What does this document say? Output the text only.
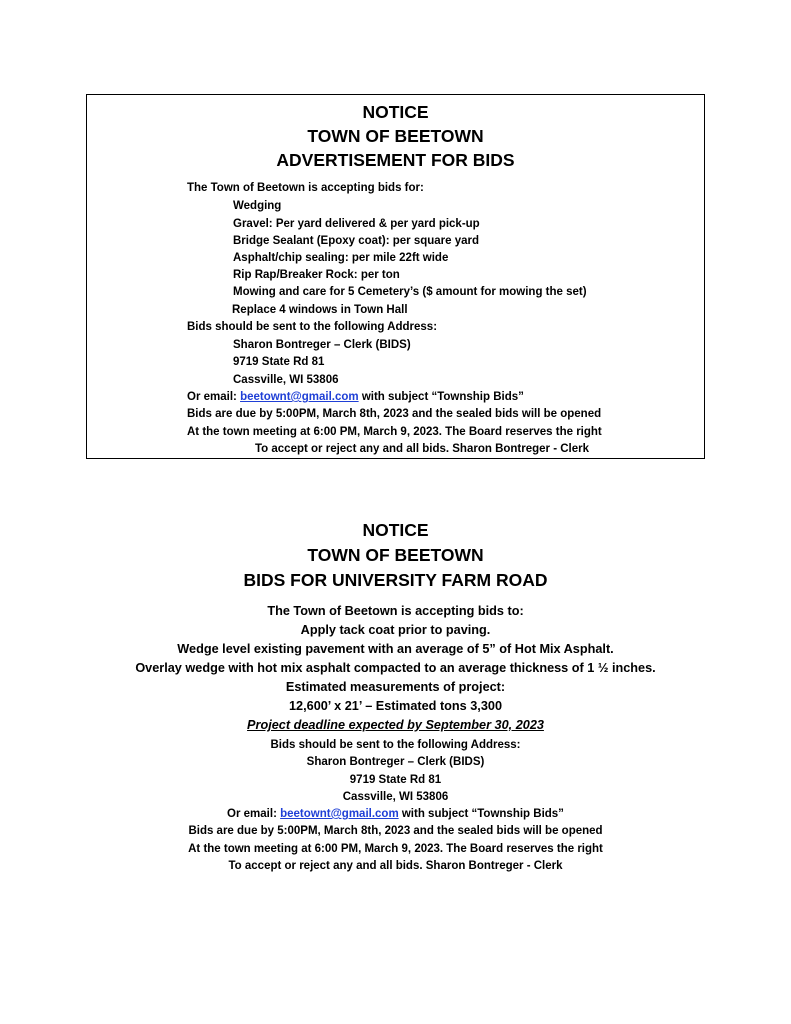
NOTICE
TOWN OF BEETOWN
ADVERTISEMENT FOR BIDS
The Town of Beetown is accepting bids for:
Wedging
Gravel: Per yard delivered & per yard pick-up
Bridge Sealant (Epoxy coat): per square yard
Asphalt/chip sealing: per mile 22ft wide
Rip Rap/Breaker Rock: per ton
Mowing and care for 5 Cemetery’s ($ amount for mowing the set)
Replace 4 windows in Town Hall
Bids should be sent to the following Address:
Sharon Bontreger – Clerk (BIDS)
9719 State Rd 81
Cassville, WI 53806
Or email: beetownt@gmail.com with subject “Township Bids”
Bids are due by 5:00PM, March 8th, 2023 and the sealed bids will be opened
At the town meeting at 6:00 PM, March 9, 2023. The Board reserves the right
To accept or reject any and all bids. Sharon Bontreger - Clerk
NOTICE
TOWN OF BEETOWN
BIDS FOR UNIVERSITY FARM ROAD
The Town of Beetown is accepting bids to:
Apply tack coat prior to paving.
Wedge level existing pavement with an average of 5” of Hot Mix Asphalt.
Overlay wedge with hot mix asphalt compacted to an average thickness of 1 ½ inches.
Estimated measurements of project:
12,600’ x 21’ – Estimated tons 3,300
Project deadline expected by September 30, 2023
Bids should be sent to the following Address:
Sharon Bontreger – Clerk (BIDS)
9719 State Rd 81
Cassville, WI 53806
Or email: beetownt@gmail.com with subject “Township Bids”
Bids are due by 5:00PM, March 8th, 2023 and the sealed bids will be opened
At the town meeting at 6:00 PM, March 9, 2023. The Board reserves the right
To accept or reject any and all bids. Sharon Bontreger - Clerk
